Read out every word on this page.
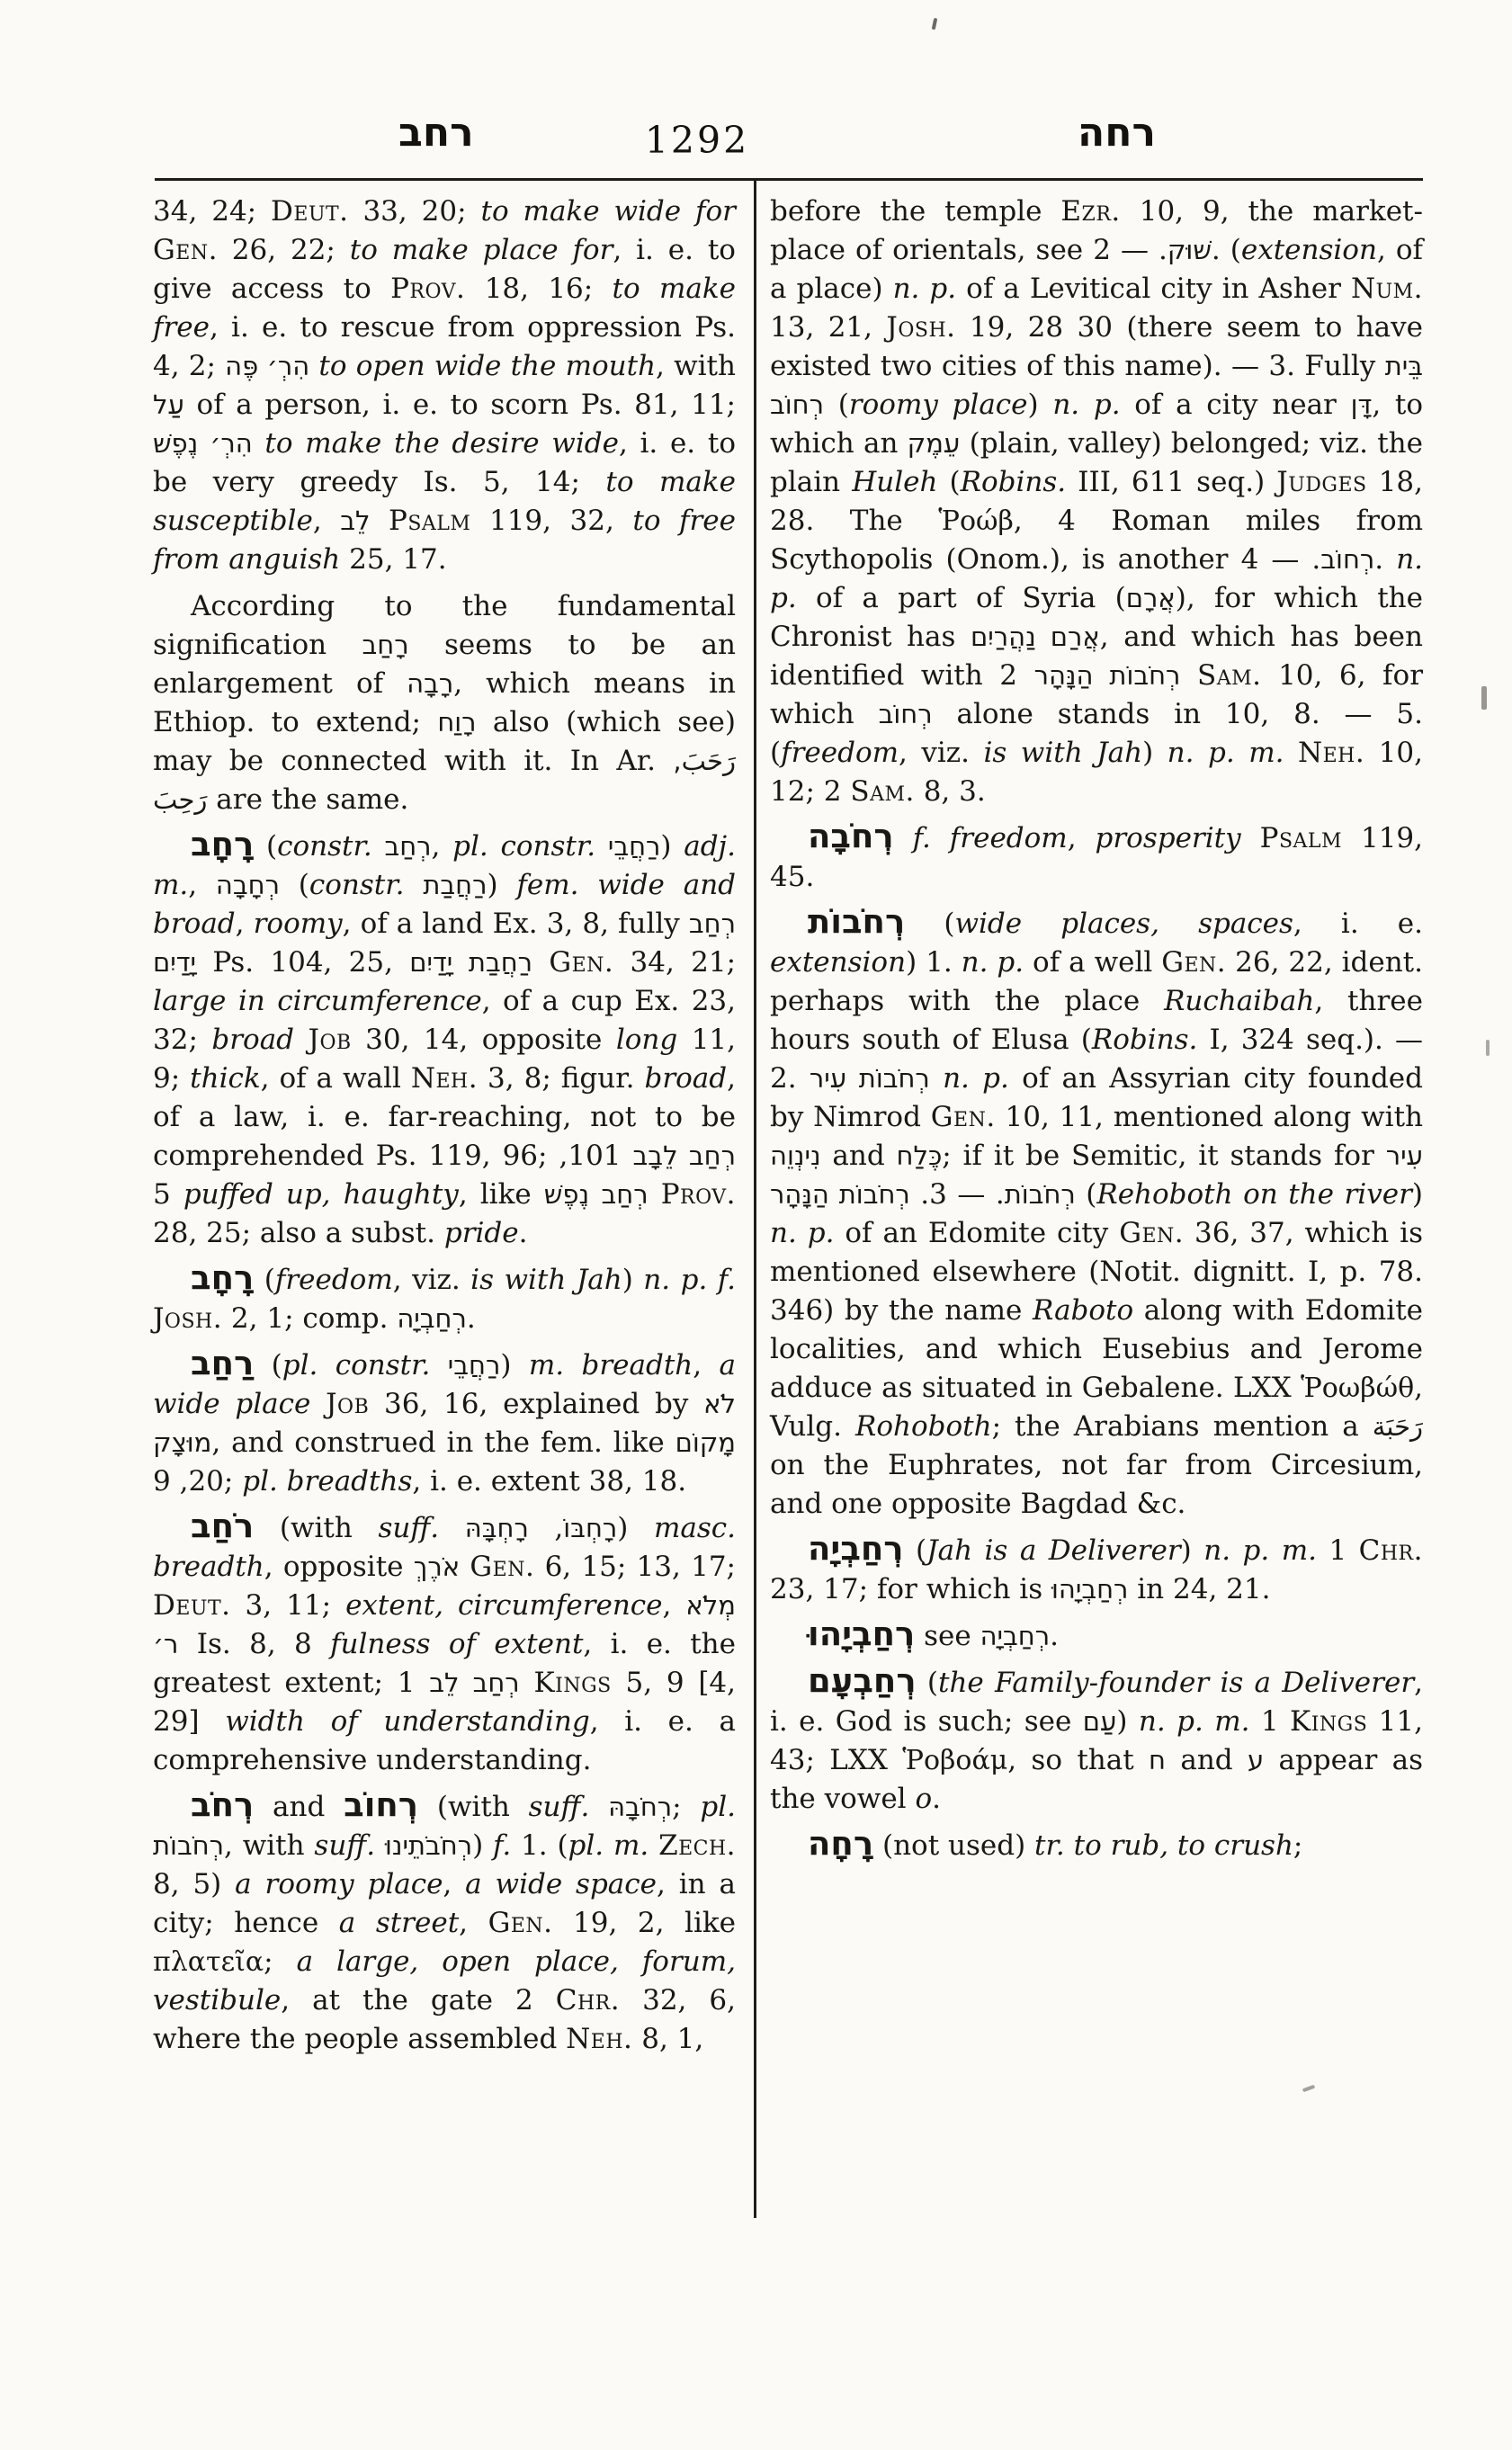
רחב	1292	רחה

34, 24; Deut. 33, 20; to make wide for Gen. 26, 22; to make place for, i. e. to give access to Prov. 18, 16; to make free, i. e. to rescue from oppression Ps. 4, 2; הִרְ׳ פֶּה to open wide the mouth, with עַל of a person, i. e. to scorn Ps. 81, 11; הִרְ׳ נֶפֶשׁ to make the desire wide, i. e. to be very greedy Is. 5, 14; to make susceptible, לֵב Psalm 119, 32, to free from anguish 25, 17.

According to the fundamental signification רָחַב seems to be an enlargement of רָבָה, which means in Ethiop. to extend; רָוַח also (which see) may be connected with it. In Ar. رَحَبَ, رَحِبَ are the same.

רָחָב (constr. רְחַב, pl. constr. רַחֲבֵי) adj. m., רְחָבָה (constr. רַחֲבַת) fem. wide and broad, roomy, of a land Ex. 3, 8, fully רְחַב יָדַיִם Ps. 104, 25, רַחֲבַת יָדַיִם Gen. 34, 21; large in circumference, of a cup Ex. 23, 32; broad Job 30, 14, opposite long 11, 9; thick, of a wall Neh. 3, 8; figur. broad, of a law, i. e. far-reaching, not to be comprehended Ps. 119, 96;	רְחַב לֵבָב 101, 5 puffed up, haughty, like רְחַב נֶפֶשׁ Prov. 28, 25; also a subst. pride.

רָחָב (freedom, viz. is with Jah) n. p. f. Josh. 2, 1; comp. רְחַבְיָה.

רַחַב (pl. constr. רַחֲבֵי) m. breadth, a wide place Job 36, 16, explained by לֹא מוּצָק, and construed in the fem. like מָקוֹם 20, 9; pl. breadths, i. e. extent 38, 18.

רֹחַב (with suff.	רָחְבּוֹ, רָחְבָּהּ	) masc. breadth, opposite אֹרֶךְ Gen. 6, 15; 13, 17; Deut. 3, 11; extent, circumference, מְלֹא ר׳ Is. 8, 8 fulness of extent, i. e. the greatest extent; רְחַב לֵב 1 Kings 5, 9 [4, 29] width of understanding, i. e. a comprehensive understanding.

רְחֹב and רְחוֹב (with suff. רְחֹבָהּ; pl. רְחֹבוֹת, with suff. רְחֹבֹתֵינוּ) f. 1. (pl. m. Zech. 8, 5) a roomy place, a wide space, in a city; hence a street, Gen. 19, 2, like πλατεῖα; a large, open place, forum, vestibule, at the gate 2 Chr. 32, 6, where the people assembled Neh. 8, 1,

before the temple Ezr. 10, 9, the market-place of orientals, see	שׁוּק. — 2. (extension, of a place) n. p. of a Levitical city in Asher Num. 13, 21, Josh. 19, 28 30 (there seem to have existed two cities of this name). — 3. Fully בֵּית רְחוֹב (roomy place) n. p. of a city near דָּן, to which an עֵמֶק (plain, valley) belonged; viz. the plain Huleh (Robins. III, 611 seq.) Judges 18, 28. The Ῥοώβ, 4 Roman miles from Scythopolis (Onom.), is another	רְחוֹב. — 4. n. p. of a part of Syria (אֲרָם), for which the Chronist has אֲרַם נַהֲרַיִם, and which has been identified with רְחֹבוֹת הַנָּהָר 2 Sam. 10, 6, for which רְחוֹב alone stands in 10, 8. — 5. (freedom, viz. is with Jah) n. p. m. Neh. 10, 12; 2 Sam. 8, 3.

רְחֹבָה f. freedom, prosperity Psalm 119, 45.

רְחֹבוֹת (wide places, spaces, i. e. extension) 1. n. p. of a well Gen. 26, 22, ident. perhaps with the place Ruchaibah, three hours south of Elusa (Robins. I, 324 seq.). — 2. רְחֹבוֹת עִיר n. p. of an Assyrian city founded by Nimrod Gen. 10, 11, mentioned along with נִינְוֵה and כֶּלַח; if it be Semitic, it stands for עִיר רְחֹבוֹת. — 3. רְחֹבוֹת הַנָּהָר	(Rehoboth on the river) n. p. of an Edomite city Gen. 36, 37, which is mentioned elsewhere (Notit. dignitt. I, p. 78. 346) by the name Raboto along with Edomite localities, and which Eusebius and Jerome adduce as situated in Gebalene. LXX Ῥοωβώθ, Vulg. Rohoboth; the Arabians mention a رَحَبَة on the Euphrates, not far from Circesium, and one opposite Bagdad &c.

רְחַבְיָה (Jah is a Deliverer) n. p. m. 1 Chr. 23, 17; for which is רְחַבְיָהוּ in 24, 21.

רְחַבְיָהוּ see רְחַבְיָה.

רְחַבְעָם (the Family-founder is a Deliverer, i. e. God is such; see עַם) n. p. m. 1 Kings 11, 43; LXX Ῥοβοάμ, so that ח and ע appear as the vowel o.

רָחָה (not used) tr. to rub, to crush;
